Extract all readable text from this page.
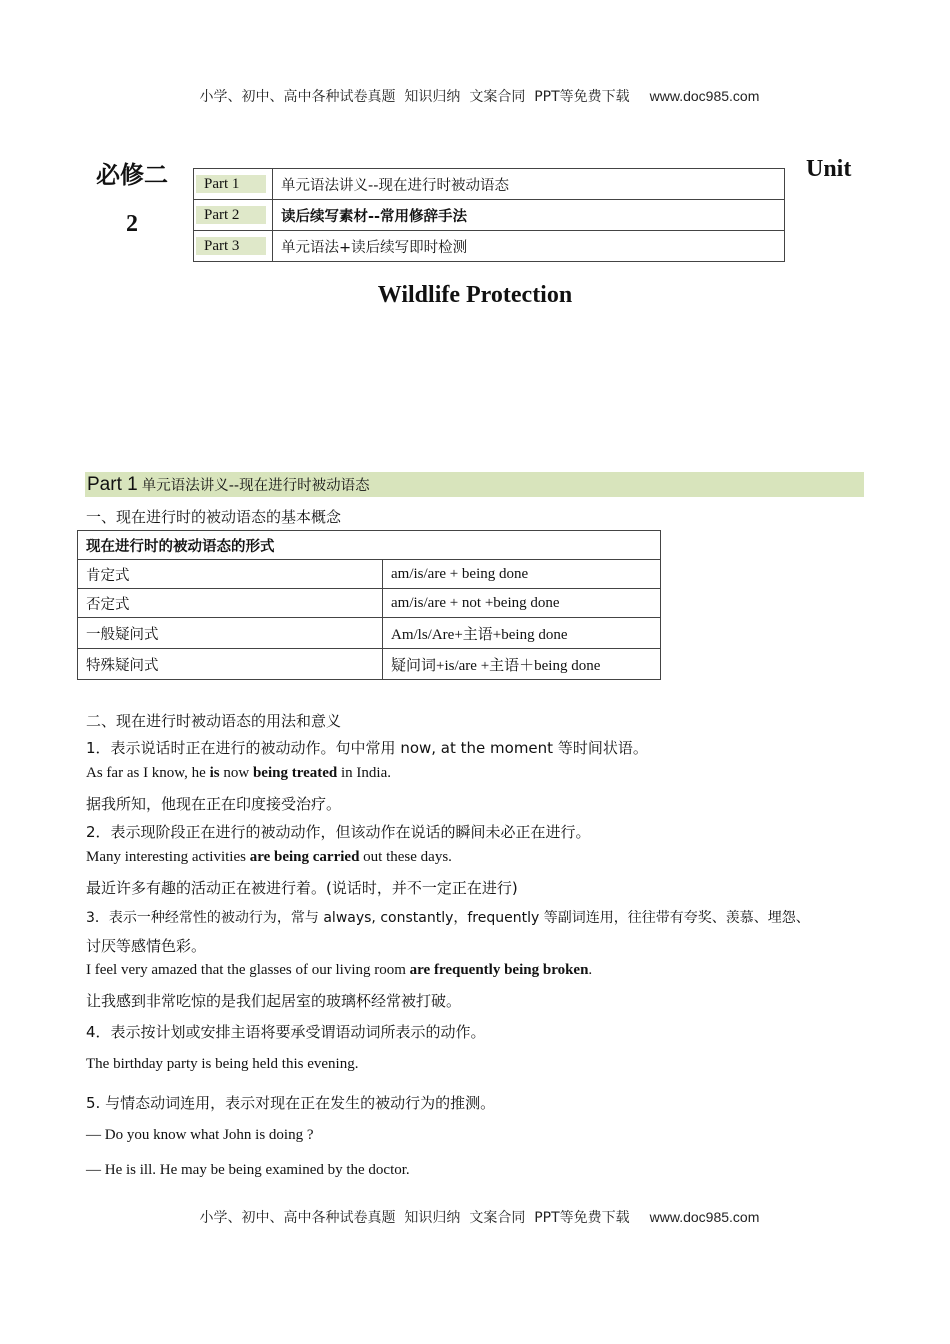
小学、初中、高中各种试卷真题  知识归纳  文案合同  PPT等免费下载 www.doc985.com

必修二
2
Unit
Part 1	单元语法讲义--现在进行时被动语态
Part 2	读后续写素材--常用修辞手法
Part 3	单元语法+读后续写即时检测
Wildlife Protection
Part 1 单元语法讲义--现在进行时被动语态
一、现在进行时的被动语态的基本概念
现在进行时的被动语态的形式	
肯定式	am/is/are + being done
否定式	am/is/are + not +being done
一般疑问式	Am/ls/Are+主语+being done
特殊疑问式	疑问词+is/are +主语＋being done
二、现在进行时被动语态的用法和意义
1．表示说话时正在进行的被动动作。句中常用 now, at the moment 等时间状语。
As far as I know, he is now being treated in India.
据我所知，他现在正在印度接受治疗。
2．表示现阶段正在进行的被动动作，但该动作在说话的瞬间未必正在进行。
Many interesting activities are being carried out these days.
最近许多有趣的活动正在被进行着。(说话时，并不一定正在进行)
3．表示一种经常性的被动行为，常与 always, constantly，frequently 等副词连用，往往带有夸奖、羡慕、埋怨、
讨厌等感情色彩。
I feel very amazed that the glasses of our living room are frequently being broken.
让我感到非常吃惊的是我们起居室的玻璃杯经常被打破。
4．表示按计划或安排主语将要承受谓语动词所表示的动作。
The birthday party is being held this evening.
5. 与情态动词连用，表示对现在正在发生的被动行为的推测。
— Do you know what John is doing ?
— He is ill. He may be being examined by the doctor.

小学、初中、高中各种试卷真题  知识归纳  文案合同  PPT等免费下载 www.doc985.com
